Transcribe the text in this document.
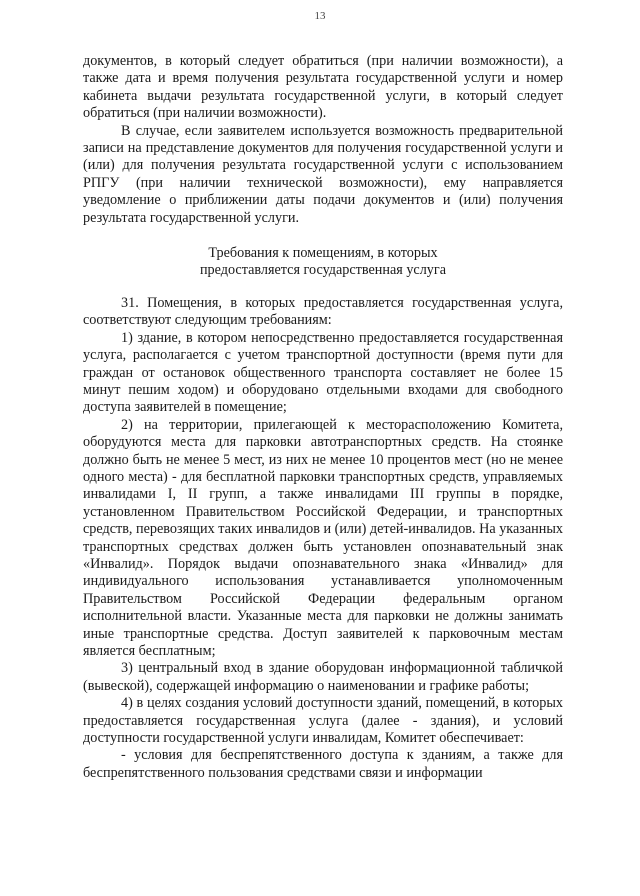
13

документов, в который следует обратиться (при наличии возможности), а также дата и время получения результата государственной услуги и номер кабинета выдачи результата государственной услуги, в который следует обратиться (при наличии возможности).

В случае, если заявителем используется возможность предварительной записи на представление документов для получения государственной услуги и (или) для получения результата государственной услуги с использованием РПГУ (при наличии технической возможности), ему направляется уведомление о приближении даты подачи документов и (или) получения результата государственной услуги.

Требования к помещениям, в которых
предоставляется государственная услуга

31. Помещения, в которых предоставляется государственная услуга, соответствуют следующим требованиям:

1) здание, в котором непосредственно предоставляется государственная услуга, располагается с учетом транспортной доступности (время пути для граждан от остановок общественного транспорта составляет не более 15 минут пешим ходом) и оборудовано отдельными входами для свободного доступа заявителей в помещение;

2) на территории, прилегающей к месторасположению Комитета, оборудуются места для парковки автотранспортных средств. На стоянке должно быть не менее 5 мест, из них не менее 10 процентов мест (но не менее одного места) - для бесплатной парковки транспортных средств, управляемых инвалидами I, II групп, а также инвалидами III группы в порядке, установленном Правительством Российской Федерации, и транспортных средств, перевозящих таких инвалидов и (или) детей-инвалидов. На указанных транспортных средствах должен быть установлен опознавательный знак «Инвалид». Порядок выдачи опознавательного знака «Инвалид» для индивидуального использования устанавливается уполномоченным Правительством Российской Федерации федеральным органом исполнительной власти. Указанные места для парковки не должны занимать иные транспортные средства. Доступ заявителей к парковочным местам является бесплатным;

3) центральный вход в здание оборудован информационной табличкой (вывеской), содержащей информацию о наименовании и графике работы;

4) в целях создания условий доступности зданий, помещений, в которых предоставляется государственная услуга (далее - здания), и условий доступности государственной услуги инвалидам, Комитет обеспечивает:

- условия для беспрепятственного доступа к зданиям, а также для беспрепятственного пользования средствами связи и информации
